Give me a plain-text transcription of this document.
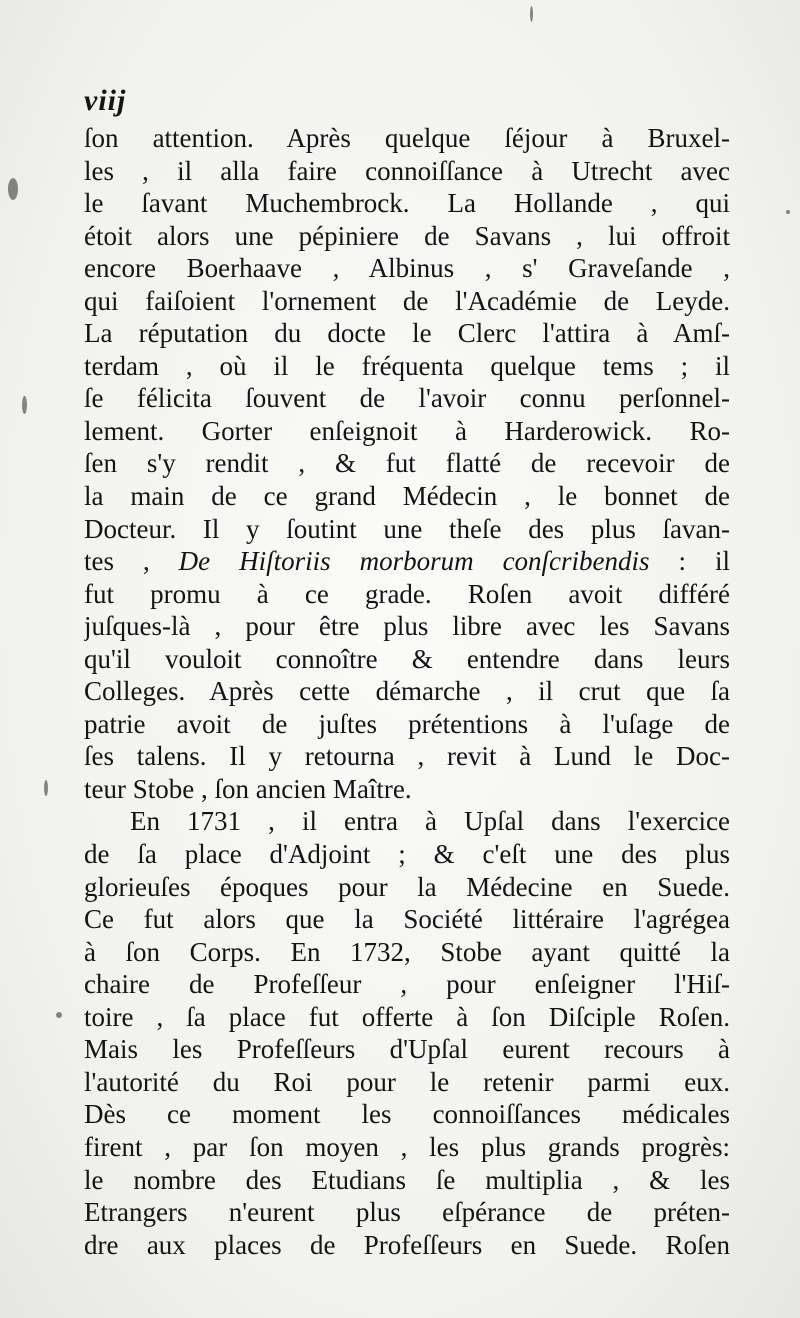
viij
ſon attention. Après quelque ſéjour à Bruxel-
les , il alla faire connoiſſance à Utrecht avec
le ſavant Muchembrock. La Hollande , qui
étoit alors une pépiniere de Savans , lui offroit
encore Boerhaave , Albinus , s' Graveſande ,
qui faiſoient l'ornement de l'Académie de Leyde.
La réputation du docte le Clerc l'attira à Amſ-
terdam , où il le fréquenta quelque tems ; il
ſe félicita ſouvent de l'avoir connu perſonnel-
lement. Gorter enſeignoit à Harderowick. Ro-
ſen s'y rendit , & fut flatté de recevoir de
la main de ce grand Médecin , le bonnet de
Docteur. Il y ſoutint une theſe des plus ſavan-
tes , De Hiſtoriis morborum conſcribendis : il
fut promu à ce grade. Roſen avoit différé
juſques-là , pour être plus libre avec les Savans
qu'il vouloit connoître & entendre dans leurs
Colleges. Après cette démarche , il crut que ſa
patrie avoit de juſtes prétentions à l'uſage de
ſes talens. Il y retourna , revit à Lund le Doc-
teur Stobe , ſon ancien Maître.
En 1731 , il entra à Upſal dans l'exercice
de ſa place d'Adjoint ; & c'eſt une des plus
glorieuſes époques pour la Médecine en Suede.
Ce fut alors que la Société littéraire l'agrégea
à ſon Corps. En 1732, Stobe ayant quitté la
chaire de Profeſſeur , pour enſeigner l'Hiſ-
toire , ſa place fut offerte à ſon Diſciple Roſen.
Mais les Profeſſeurs d'Upſal eurent recours à
l'autorité du Roi pour le retenir parmi eux.
Dès ce moment les connoiſſances médicales
firent , par ſon moyen , les plus grands progrès:
le nombre des Etudians ſe multiplia , & les
Etrangers n'eurent plus eſpérance de préten-
dre aux places de Profeſſeurs en Suede. Roſen
